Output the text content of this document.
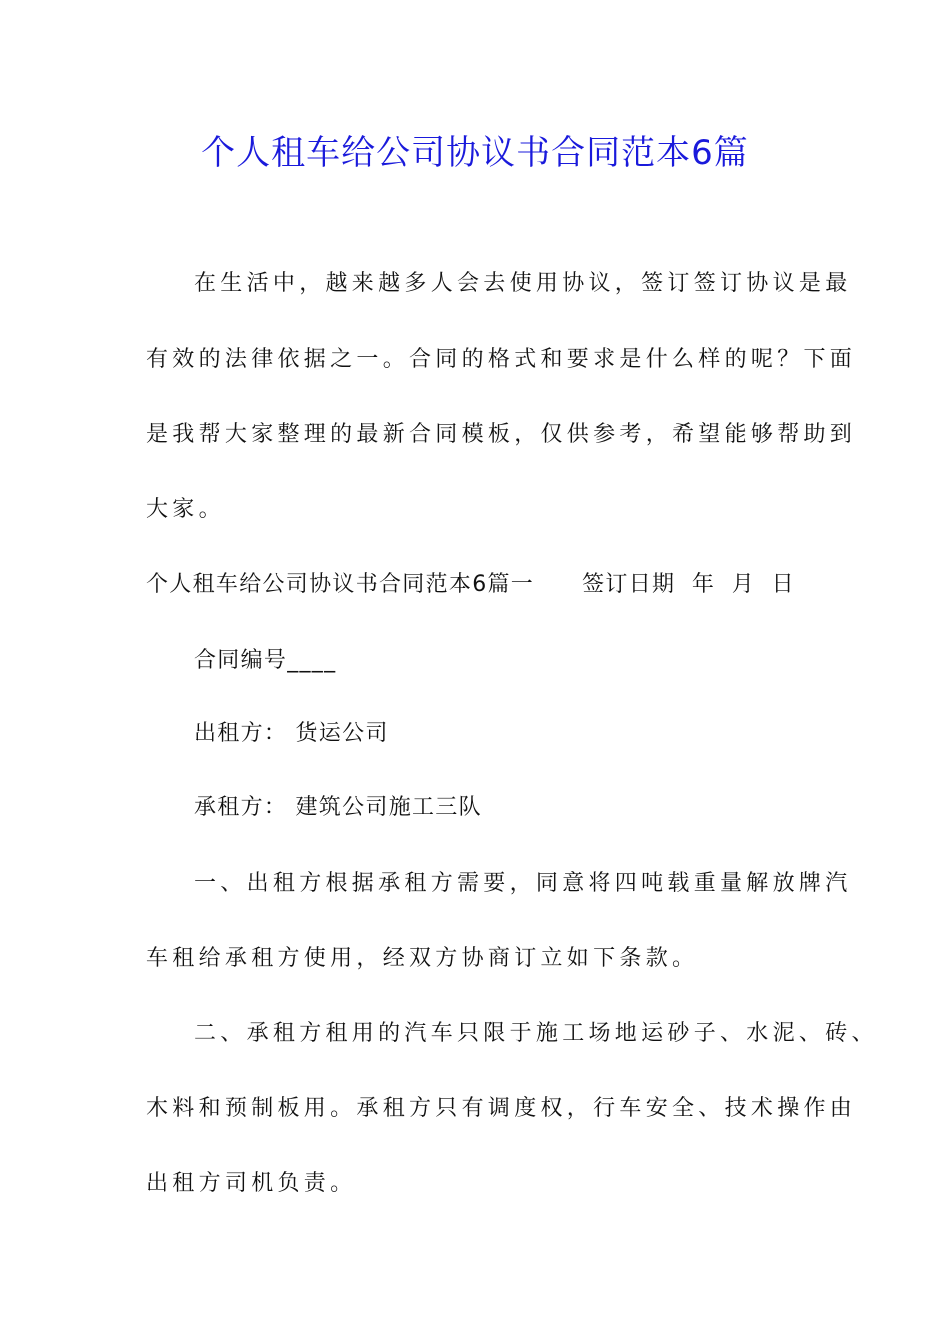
个人租车给公司协议书合同范本6篇
在生活中，越来越多人会去使用协议，签订签订协议是最
有效的法律依据之一。合同的格式和要求是什么样的呢？下面
是我帮大家整理的最新合同模板，仅供参考，希望能够帮助到
大家。
个人租车给公司协议书合同范本6篇一 签订日期  年  月  日
合同编号____
出租方： 货运公司
承租方： 建筑公司施工三队
一、出租方根据承租方需要，同意将四吨载重量解放牌汽
车租给承租方使用，经双方协商订立如下条款。
二、承租方租用的汽车只限于施工场地运砂子、水泥、砖、
木料和预制板用。承租方只有调度权，行车安全、技术操作由
出租方司机负责。
